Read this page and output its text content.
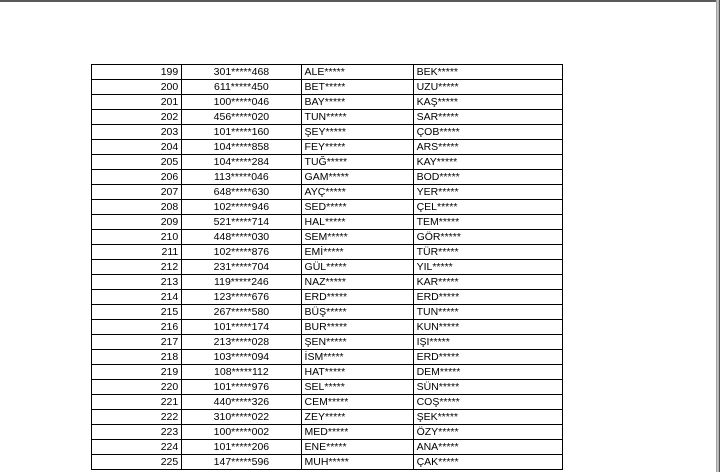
199	301*****468	ALE*****	BEK*****
200	611*****450	BET*****	UZU*****
201	100*****046	BAY*****	KAŞ*****
202	456*****020	TUN*****	SAR*****
203	101*****160	ŞEY*****	ÇOB*****
204	104*****858	FEY*****	ARS*****
205	104*****284	TUĞ*****	KAY*****
206	113*****046	GAM*****	BOD*****
207	648*****630	AYÇ*****	YER*****
208	102*****946	SED*****	ÇEL*****
209	521*****714	HAL*****	TEM*****
210	448*****030	SEM*****	GÖR*****
211	102*****876	EMİ*****	TÜR*****
212	231*****704	GÜL*****	YIL*****
213	119*****246	NAZ*****	KAR*****
214	123*****676	ERD*****	ERD*****
215	267*****580	BÜŞ*****	TUN*****
216	101*****174	BUR*****	KUN*****
217	213*****028	ŞEN*****	IŞI*****
218	103*****094	İSM*****	ERD*****
219	108*****112	HAT*****	DEM*****
220	101*****976	SEL*****	SÜN*****
221	440*****326	CEM*****	COŞ*****
222	310*****022	ZEY*****	ŞEK*****
223	100*****002	MED*****	ÖZY*****
224	101*****206	ENE*****	ANA*****
225	147*****596	MUH*****	ÇAK*****
